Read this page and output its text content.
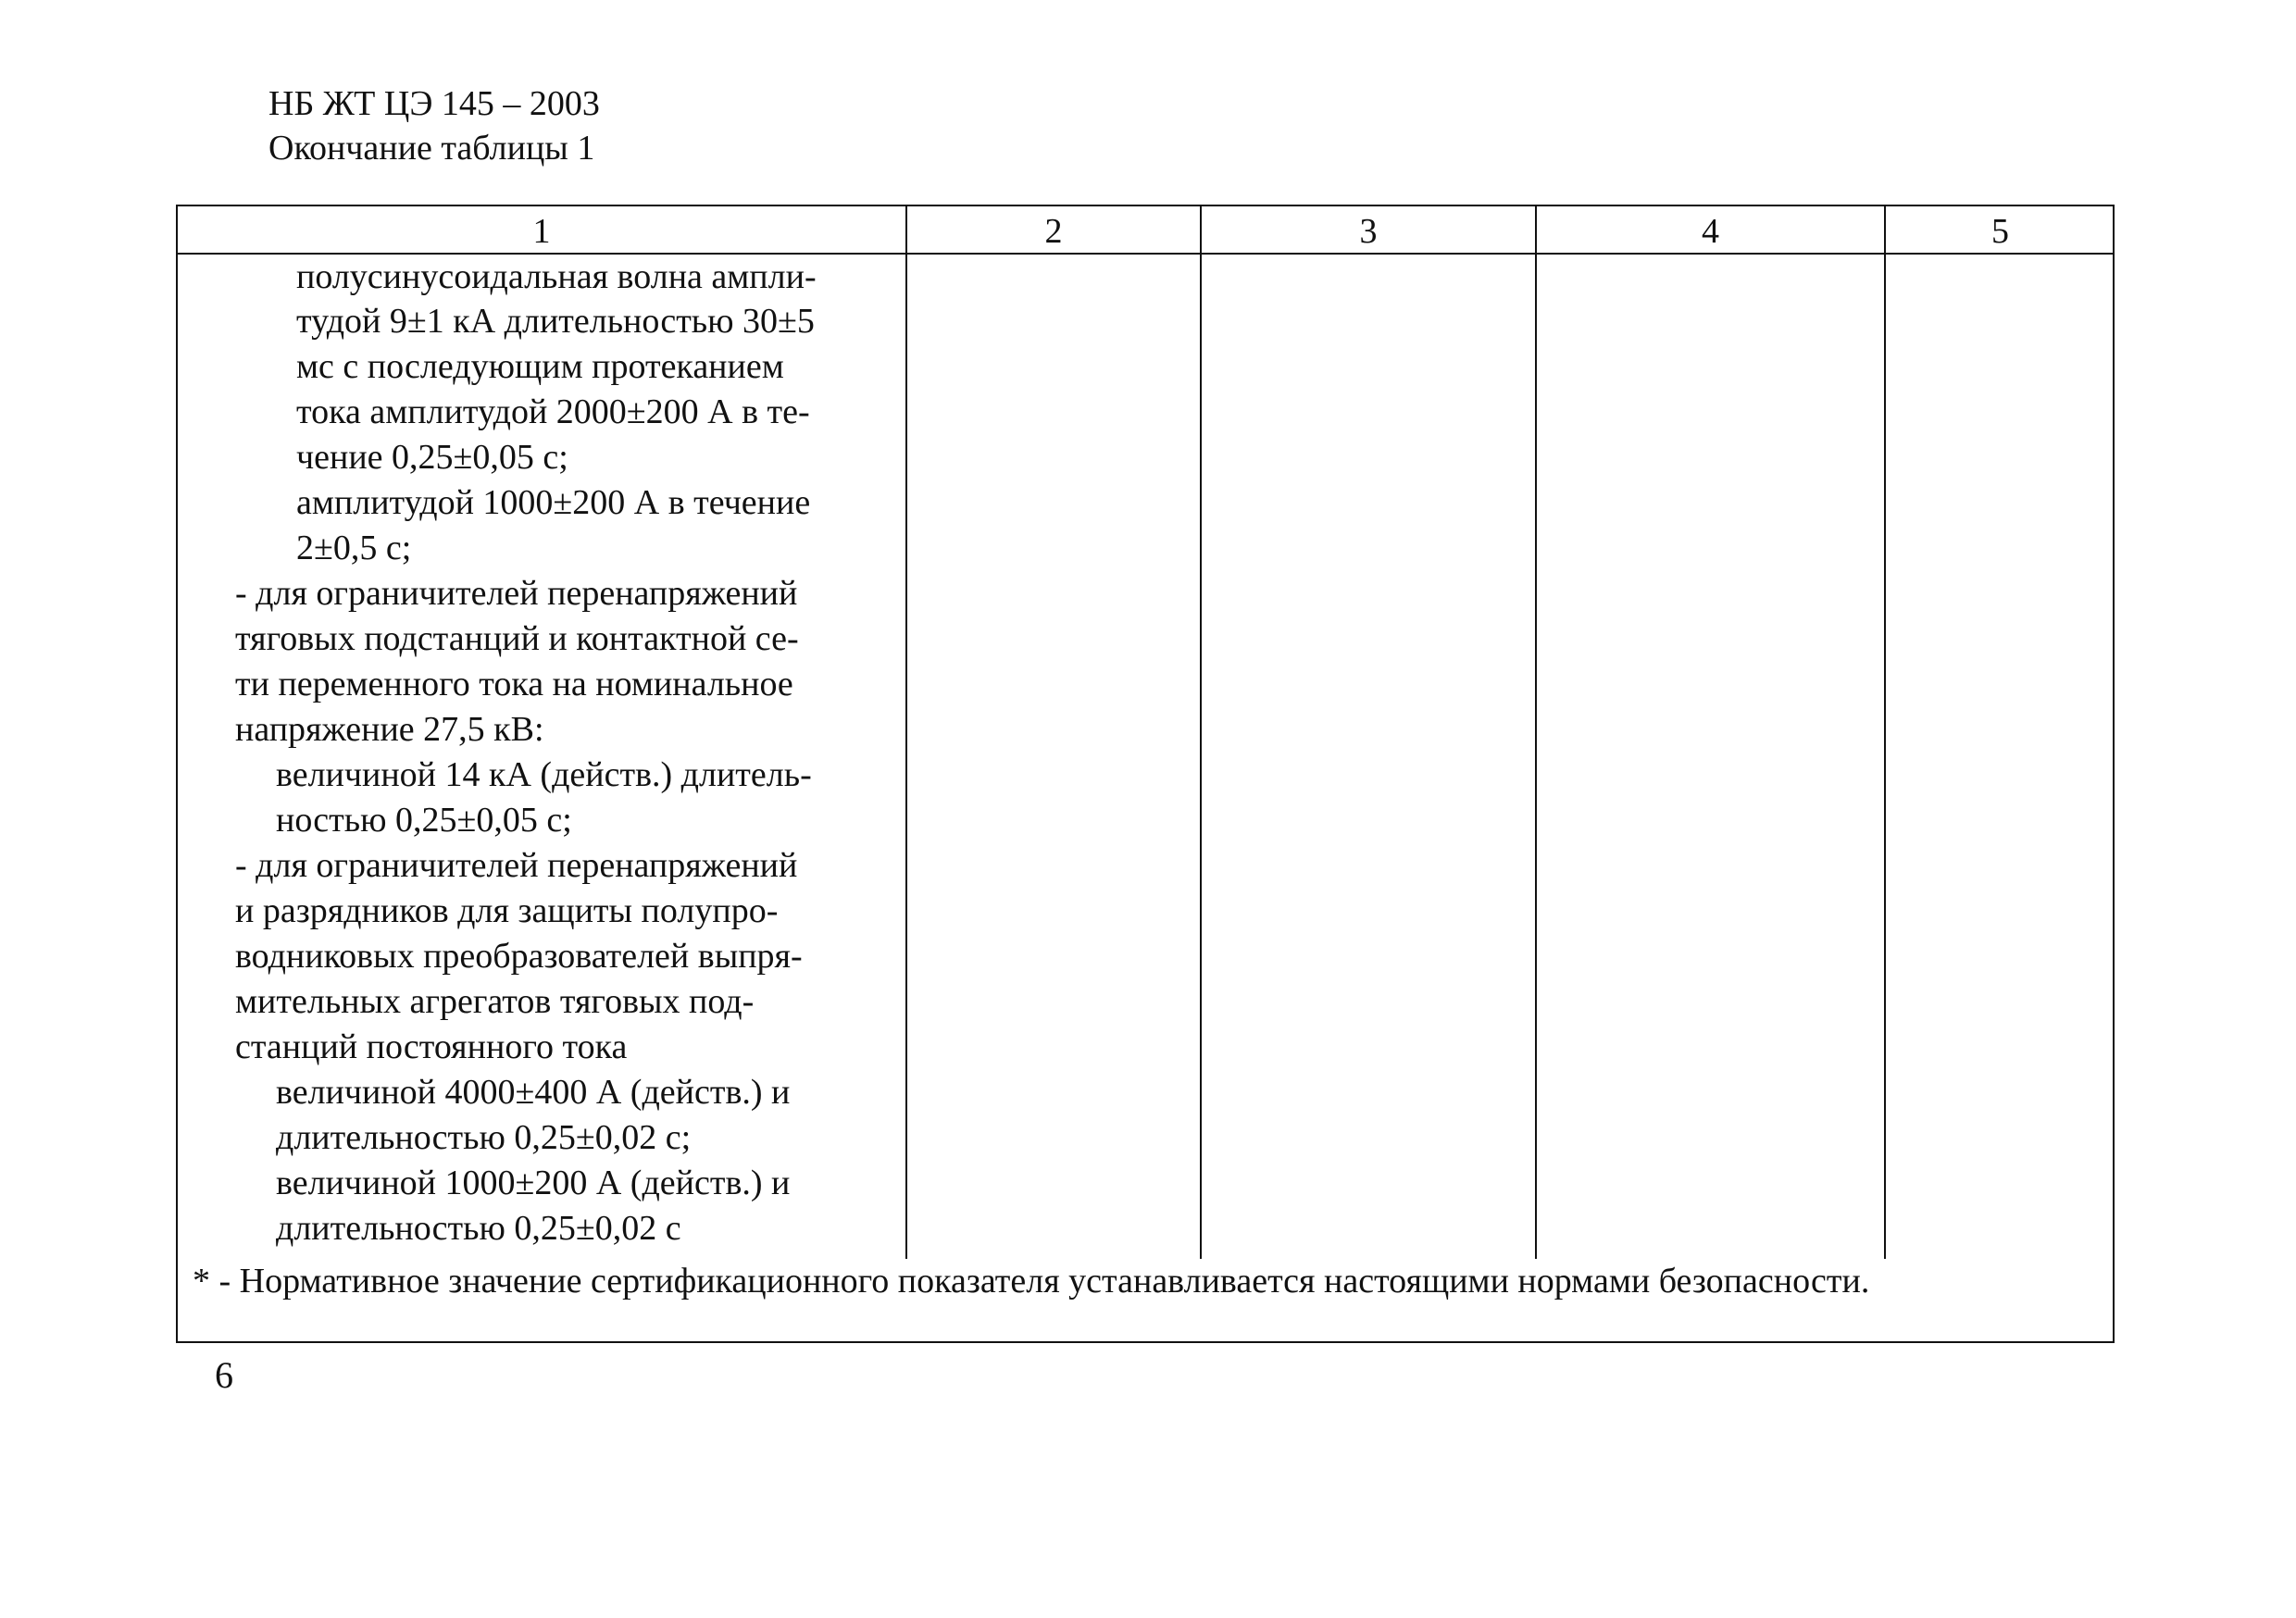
НБ ЖТ ЦЭ 145 – 2003
Окончание таблицы 1
1	2	3	4	5
полусинусоидальная волна ампли-
тудой 9±1 кА длительностью 30±5
мс с последующим протеканием
тока амплитудой 2000±200 А в те-
чение 0,25±0,05 с;
амплитудой 1000±200 А в течение
2±0,5 с;
- для ограничителей перенапряжений
тяговых подстанций и контактной се-
ти переменного тока на номинальное
напряжение 27,5 кВ:
величиной 14 кА (действ.) длитель-
ностью 0,25±0,05 с;
- для ограничителей перенапряжений
и разрядников для защиты полупро-
водниковых преобразователей выпря-
мительных агрегатов тяговых под-
станций постоянного тока
величиной 4000±400 А (действ.) и
длительностью 0,25±0,02 с;
величиной 1000±200 А (действ.) и
длительностью 0,25±0,02 с
* - Нормативное значение сертификационного показателя устанавливается настоящими нормами безопасности.
6
